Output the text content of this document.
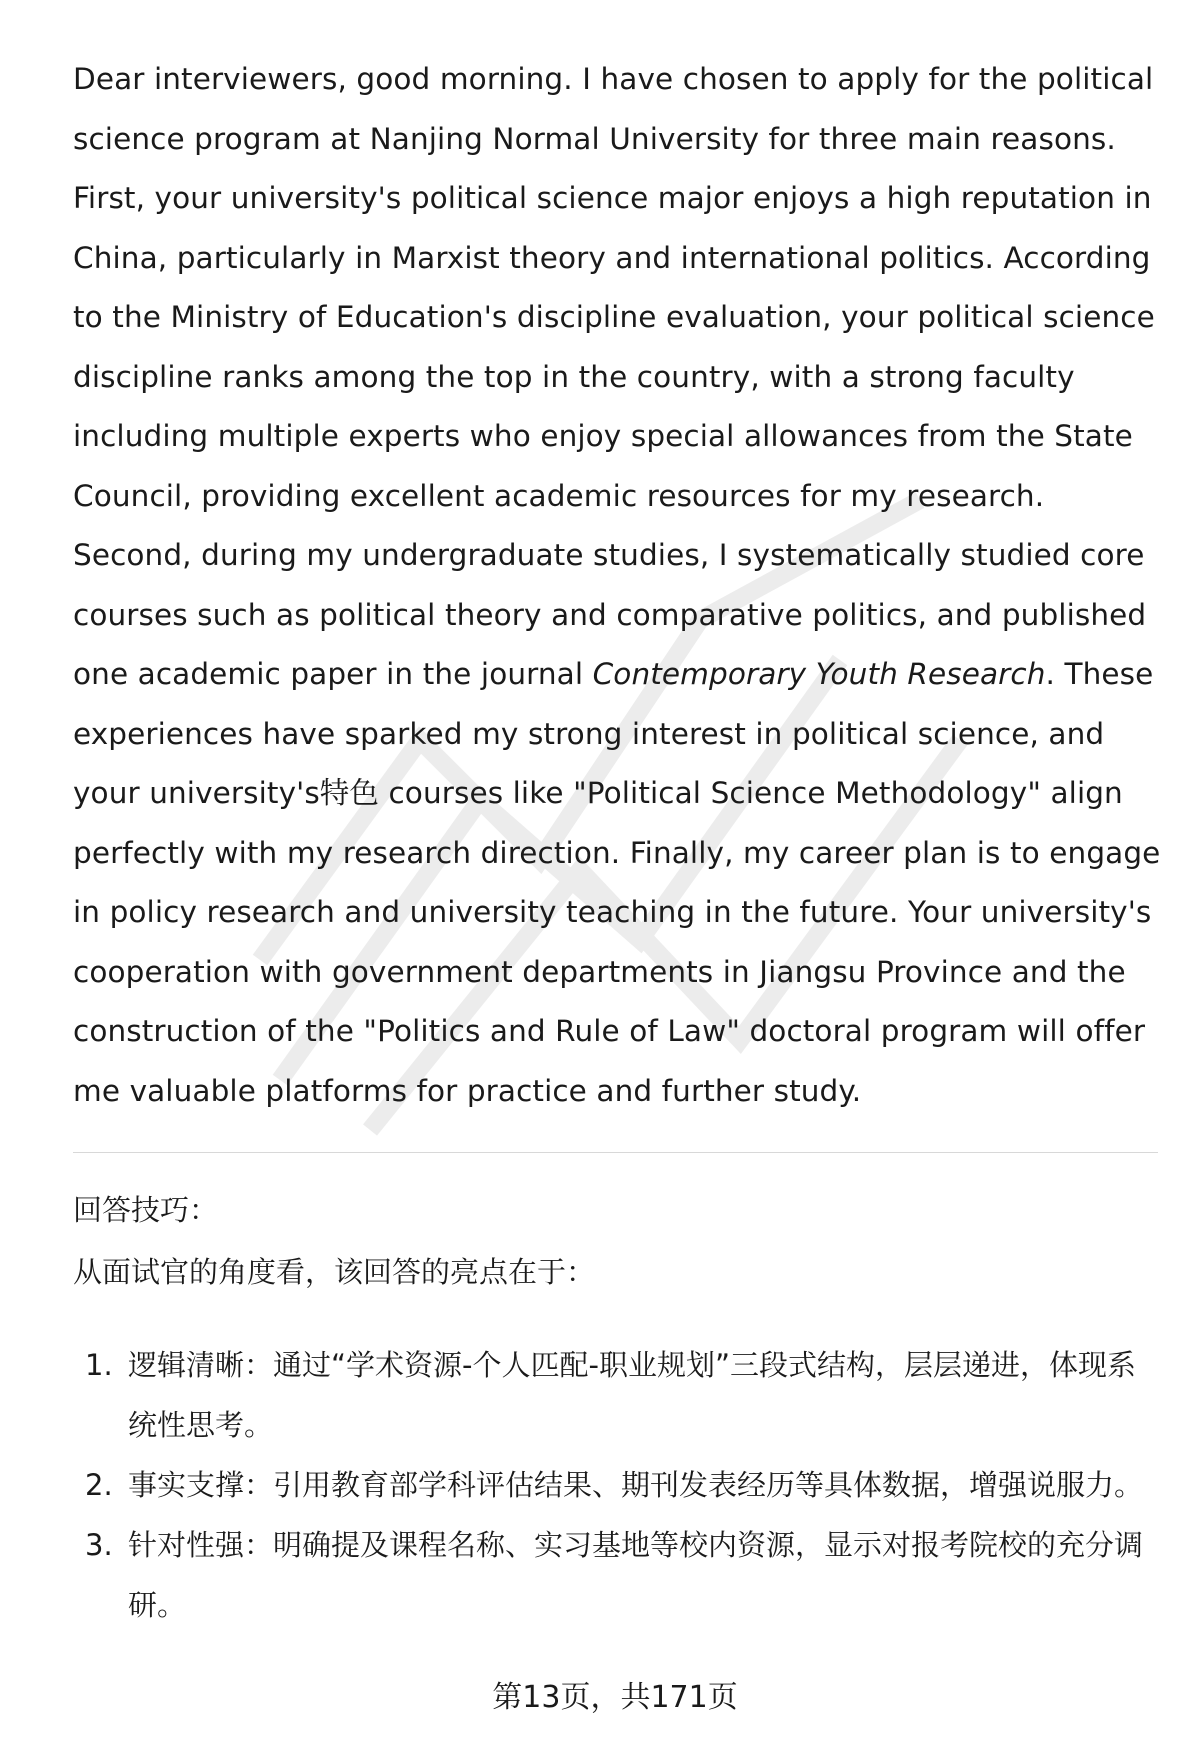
Dear interviewers, good morning. I have chosen to apply for the political science program at Nanjing Normal University for three main reasons. First, your university's political science major enjoys a high reputation in China, particularly in Marxist theory and international politics. According to the Ministry of Education's discipline evaluation, your political science discipline ranks among the top in the country, with a strong faculty including multiple experts who enjoy special allowances from the State Council, providing excellent academic resources for my research. Second, during my undergraduate studies, I systematically studied core courses such as political theory and comparative politics, and published one academic paper in the journal Contemporary Youth Research. These experiences have sparked my strong interest in political science, and your university's特色 courses like "Political Science Methodology" align perfectly with my research direction. Finally, my career plan is to engage in policy research and university teaching in the future. Your university's cooperation with government departments in Jiangsu Province and the construction of the "Politics and Rule of Law" doctoral program will offer me valuable platforms for practice and further study.

回答技巧：

从面试官的角度看，该回答的亮点在于：

1. 逻辑清晰：通过“学术资源-个人匹配-职业规划”三段式结构，层层递进，体现系统性思考。
2. 事实支撑：引用教育部学科评估结果、期刊发表经历等具体数据，增强说服力。
3. 针对性强：明确提及课程名称、实习基地等校内资源，显示对报考院校的充分调研。

第13页，共171页
